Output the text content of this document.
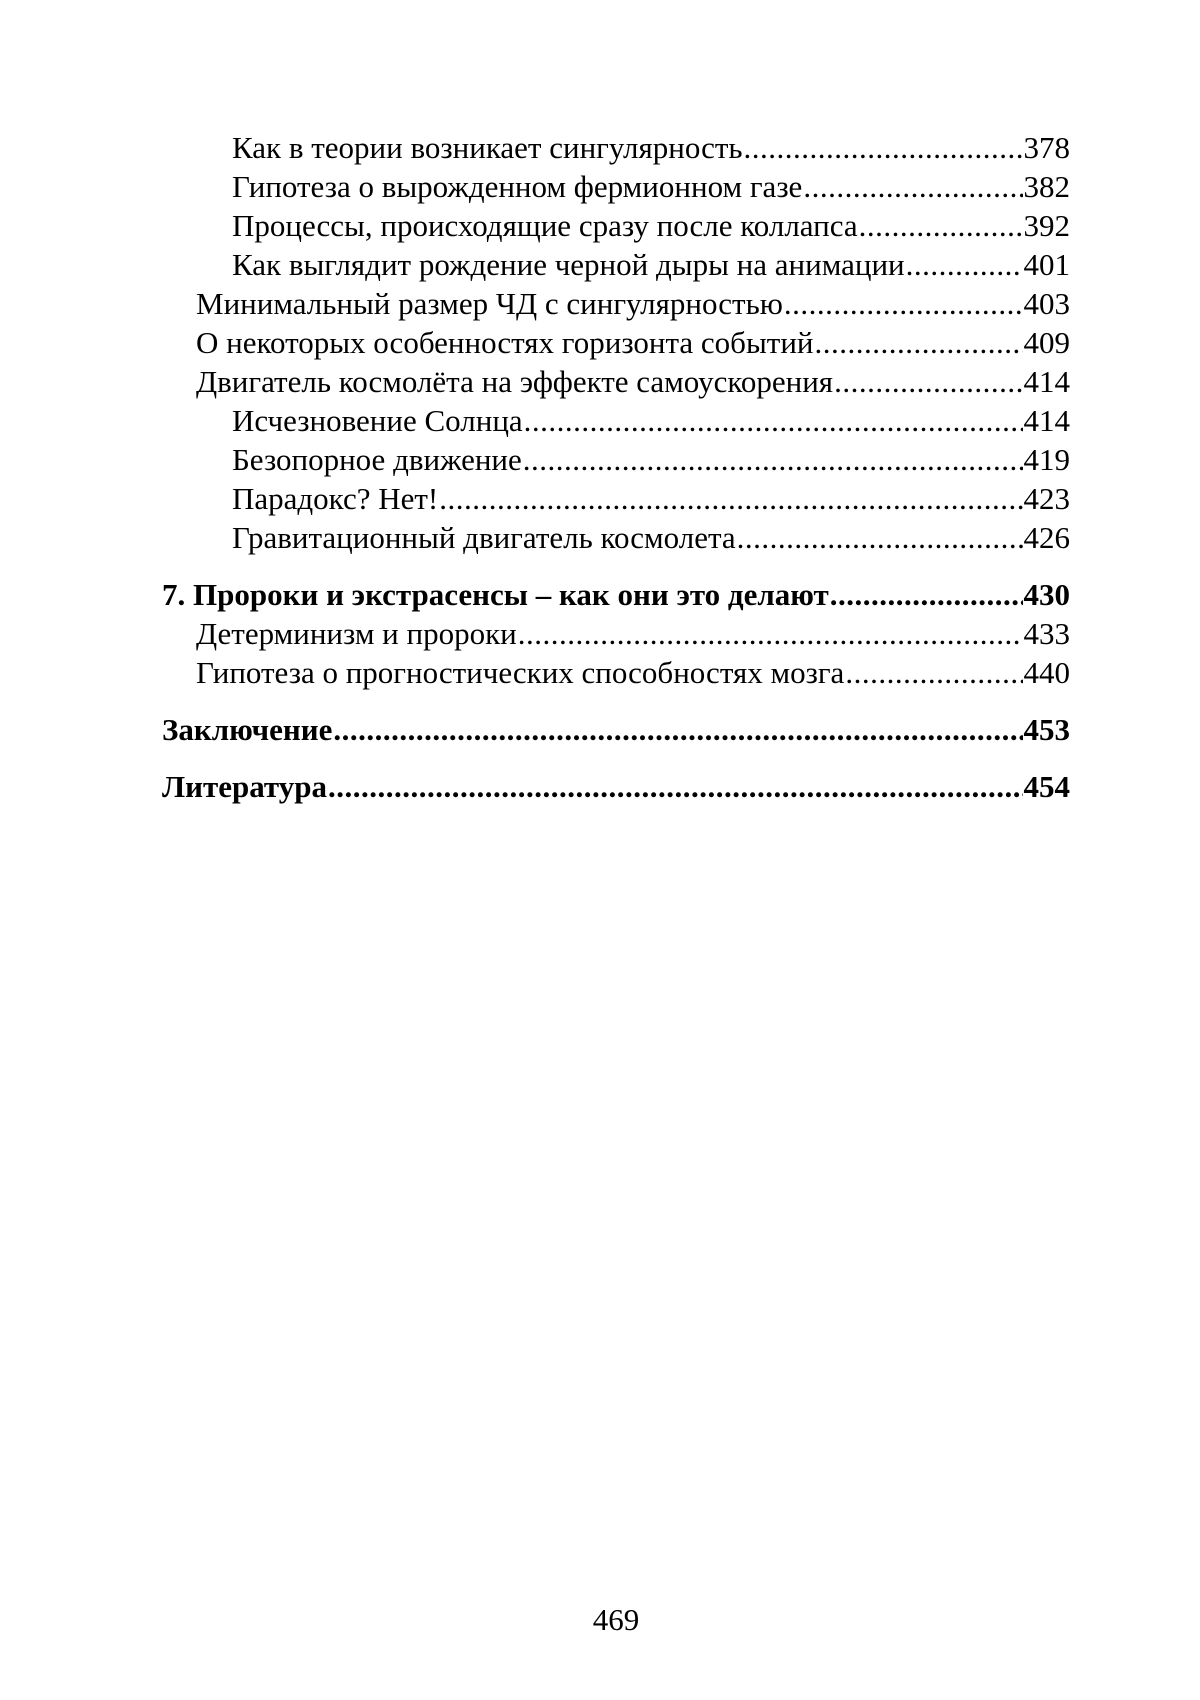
Как в теории возникает сингулярность .....	378
Гипотеза о вырожденном фермионном газе .....	382
Процессы, происходящие сразу после коллапса .....	392
Как выглядит рождение черной дыры на анимации .....	401
Минимальный размер ЧД с сингулярностью .....	403
О некоторых особенностях горизонта событий .....	409
Двигатель космолёта на эффекте самоускорения .....	414
Исчезновение Солнца .....	414
Безопорное движение .....	419
Парадокс? Нет! .....	423
Гравитационный двигатель космолета .....	426
7. Пророки и экстрасенсы – как они это делают .....	430
Детерминизм и пророки .....	433
Гипотеза о прогностических способностях мозга .....	440
Заключение .....	453
Литература .....	454
469
